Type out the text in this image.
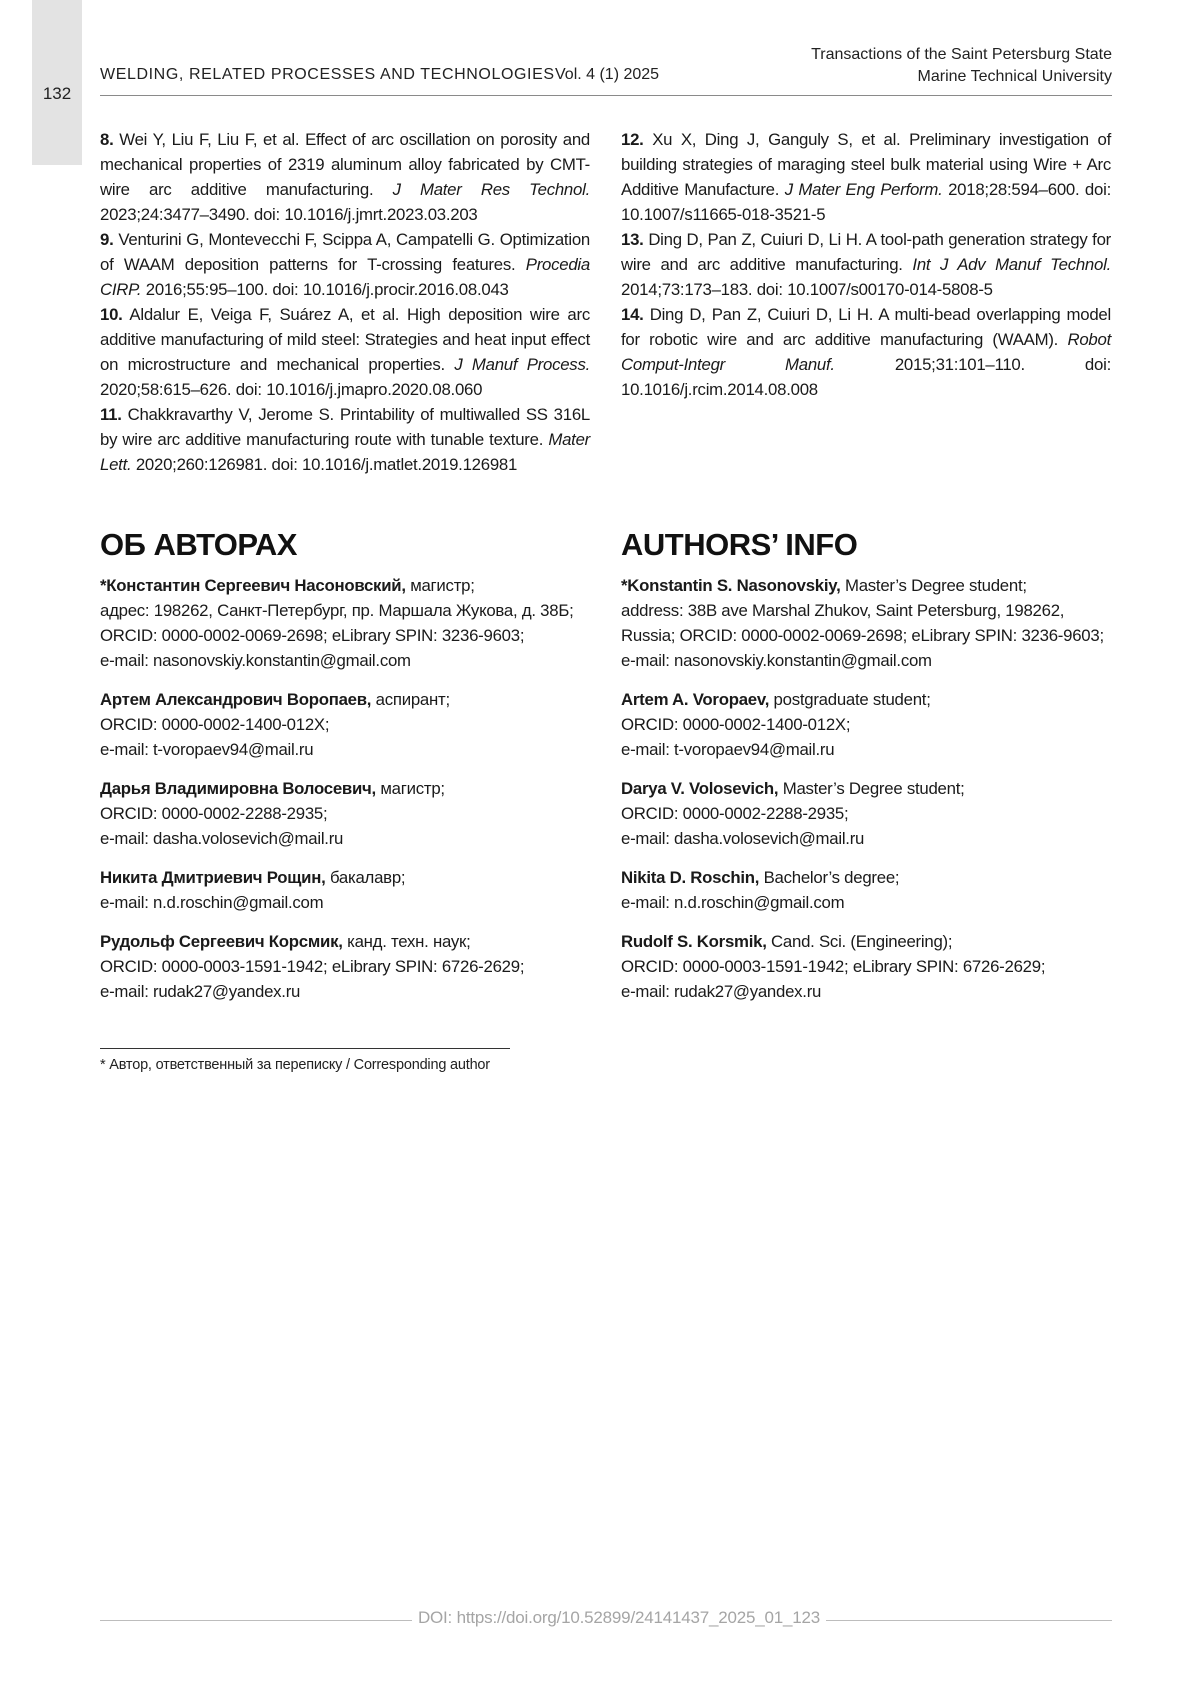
132
WELDING, RELATED PROCESSES AND TECHNOLOGIES Vol. 4 (1) 2025
Transactions of the Saint Petersburg State
Marine Technical University
8. Wei Y, Liu F, Liu F, et al. Effect of arc oscillation on porosity and mechanical properties of 2319 aluminum alloy fabricated by CMT-wire arc additive manufacturing. J Mater Res Technol. 2023;24:3477–3490. doi: 10.1016/j.jmrt.2023.03.203
9. Venturini G, Montevecchi F, Scippa A, Campatelli G. Optimization of WAAM deposition patterns for T-crossing features. Procedia CIRP. 2016;55:95–100. doi: 10.1016/j.procir.2016.08.043
10. Aldalur E, Veiga F, Suárez A, et al. High deposition wire arc additive manufacturing of mild steel: Strategies and heat input effect on microstructure and mechanical properties. J Manuf Process. 2020;58:615–626. doi: 10.1016/j.jmapro.2020.08.060
11. Chakkravarthy V, Jerome S. Printability of multiwalled SS 316L by wire arc additive manufacturing route with tunable texture. Mater Lett. 2020;260:126981. doi: 10.1016/j.matlet.2019.126981
12. Xu X, Ding J, Ganguly S, et al. Preliminary investigation of building strategies of maraging steel bulk material using Wire + Arc Additive Manufacture. J Mater Eng Perform. 2018;28:594–600. doi: 10.1007/s11665-018-3521-5
13. Ding D, Pan Z, Cuiuri D, Li H. A tool-path generation strategy for wire and arc additive manufacturing. Int J Adv Manuf Technol. 2014;73:173–183. doi: 10.1007/s00170-014-5808-5
14. Ding D, Pan Z, Cuiuri D, Li H. A multi-bead overlapping model for robotic wire and arc additive manufacturing (WAAM). Robot Comput-Integr Manuf.	2015;31:101–110. doi: 10.1016/j.rcim.2014.08.008
ОБ АВТОРАХ	AUTHORS’ INFO
*Константин Сергеевич Насоновский, магистр;
адрес: 198262, Санкт-Петербург, пр. Маршала Жукова, д. 38Б;
ORCID: 0000-0002-0069-2698; eLibrary SPIN: 3236-9603;
e-mail: nasonovskiy.konstantin@gmail.com
Артем Александрович Воропаев, аспирант;
ORCID: 0000-0002-1400-012X;
e-mail: t-voropaev94@mail.ru
Дарья Владимировна Волосевич, магистр;
ORCID: 0000-0002-2288-2935;
e-mail: dasha.volosevich@mail.ru
Никита Дмитриевич Рощин, бакалавр;
e-mail: n.d.roschin@gmail.com
Рудольф Сергеевич Корсмик, канд. техн. наук;
ORCID: 0000-0003-1591-1942; eLibrary SPIN: 6726-2629;
e-mail: rudak27@yandex.ru
*Konstantin S. Nasonovskiy, Master’s Degree student;
address: 38B ave Marshal Zhukov, Saint Petersburg, 198262,
Russia; ORCID: 0000-0002-0069-2698; eLibrary SPIN: 3236-9603;
e-mail: nasonovskiy.konstantin@gmail.com
Artem A. Voropaev, postgraduate student;
ORCID: 0000-0002-1400-012X;
e-mail: t-voropaev94@mail.ru
Darya V. Volosevich, Master’s Degree student;
ORCID: 0000-0002-2288-2935;
e-mail: dasha.volosevich@mail.ru
Nikita D. Roschin, Bachelor’s degree;
e-mail: n.d.roschin@gmail.com
Rudolf S. Korsmik, Cand. Sci. (Engineering);
ORCID: 0000-0003-1591-1942; eLibrary SPIN: 6726-2629;
e-mail: rudak27@yandex.ru
* Автор, ответственный за переписку / Corresponding author
DOI: https://doi.org/10.52899/24141437_2025_01_123
